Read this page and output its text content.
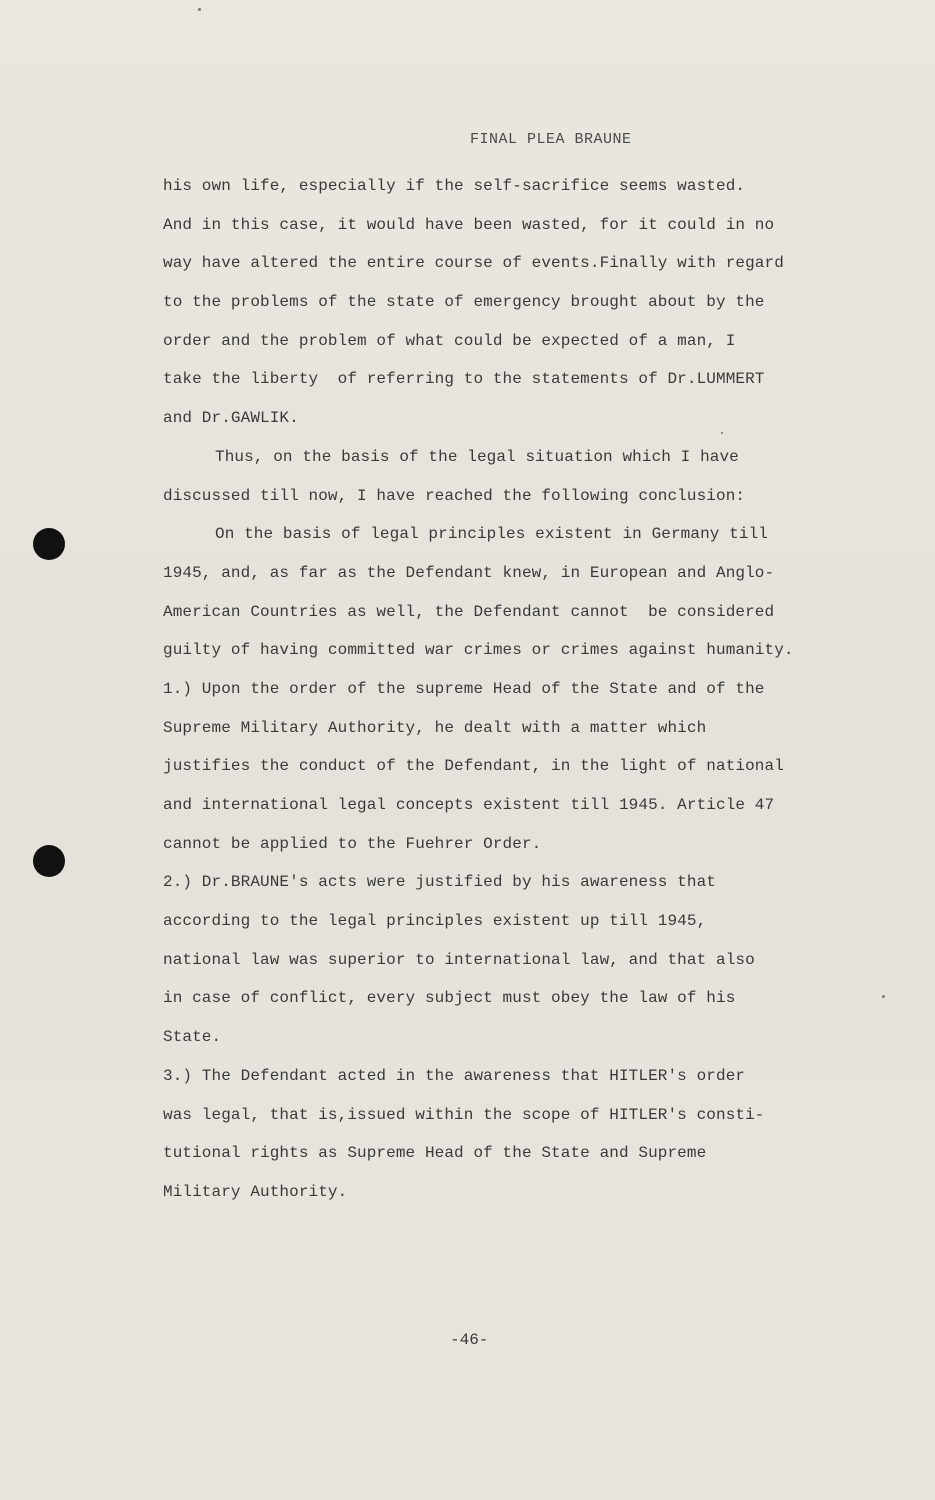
FINAL PLEA BRAUNE
his own life, especially if the self-sacrifice seems wasted.
And in this case, it would have been wasted, for it could in no
way have altered the entire course of events.Finally with regard
to the problems of the state of emergency brought about by the
order and the problem of what could be expected of a man, I
take the liberty  of referring to the statements of Dr.LUMMERT
and Dr.GAWLIK.
Thus, on the basis of the legal situation which I have
discussed till now, I have reached the following conclusion:
On the basis of legal principles existent in Germany till
1945, and, as far as the Defendant knew, in European and Anglo-
American Countries as well, the Defendant cannot  be considered
guilty of having committed war crimes or crimes against humanity.
1.) Upon the order of the supreme Head of the State and of the
Supreme Military Authority, he dealt with a matter which
justifies the conduct of the Defendant, in the light of national
and international legal concepts existent till 1945. Article 47
cannot be applied to the Fuehrer Order.
2.) Dr.BRAUNE's acts were justified by his awareness that
according to the legal principles existent up till 1945,
national law was superior to international law, and that also
in case of conflict, every subject must obey the law of his
State.
3.) The Defendant acted in the awareness that HITLER's order
was legal, that is,issued within the scope of HITLER's consti-
tutional rights as Supreme Head of the State and Supreme
Military Authority.
-46-
